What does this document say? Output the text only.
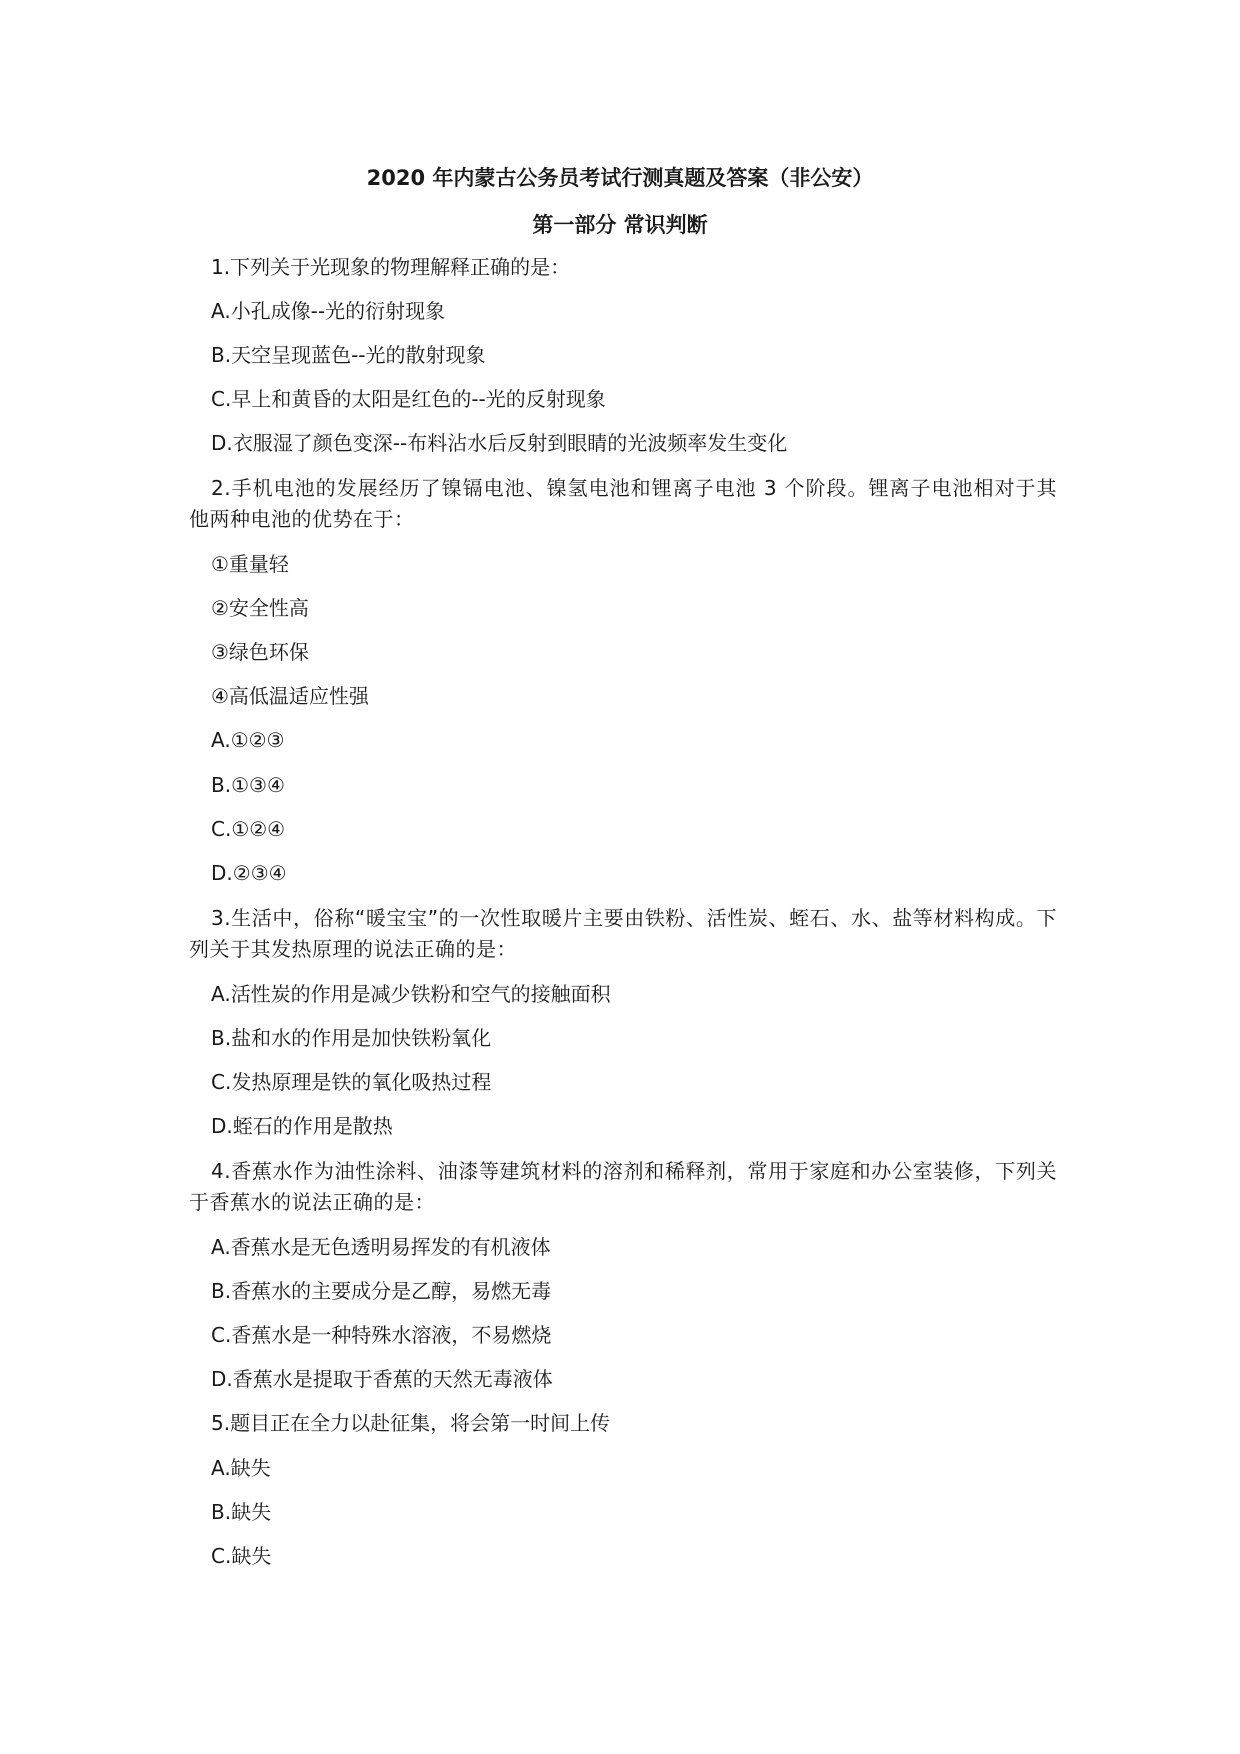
2020 年内蒙古公务员考试行测真题及答案（非公安）
第一部分 常识判断
1.下列关于光现象的物理解释正确的是：
A.小孔成像--光的衍射现象
B.天空呈现蓝色--光的散射现象
C.早上和黄昏的太阳是红色的--光的反射现象
D.衣服湿了颜色变深--布料沾水后反射到眼睛的光波频率发生变化
2.手机电池的发展经历了镍镉电池、镍氢电池和锂离子电池 3 个阶段。锂离子电池相对于其他两种电池的优势在于：
①重量轻
②安全性高
③绿色环保
④高低温适应性强
A.①②③
B.①③④
C.①②④
D.②③④
3.生活中，俗称“暖宝宝”的一次性取暖片主要由铁粉、活性炭、蛭石、水、盐等材料构成。下列关于其发热原理的说法正确的是：
A.活性炭的作用是减少铁粉和空气的接触面积
B.盐和水的作用是加快铁粉氧化
C.发热原理是铁的氧化吸热过程
D.蛭石的作用是散热
4.香蕉水作为油性涂料、油漆等建筑材料的溶剂和稀释剂，常用于家庭和办公室装修，下列关于香蕉水的说法正确的是：
A.香蕉水是无色透明易挥发的有机液体
B.香蕉水的主要成分是乙醇，易燃无毒
C.香蕉水是一种特殊水溶液，不易燃烧
D.香蕉水是提取于香蕉的天然无毒液体
5.题目正在全力以赴征集，将会第一时间上传
A.缺失
B.缺失
C.缺失
